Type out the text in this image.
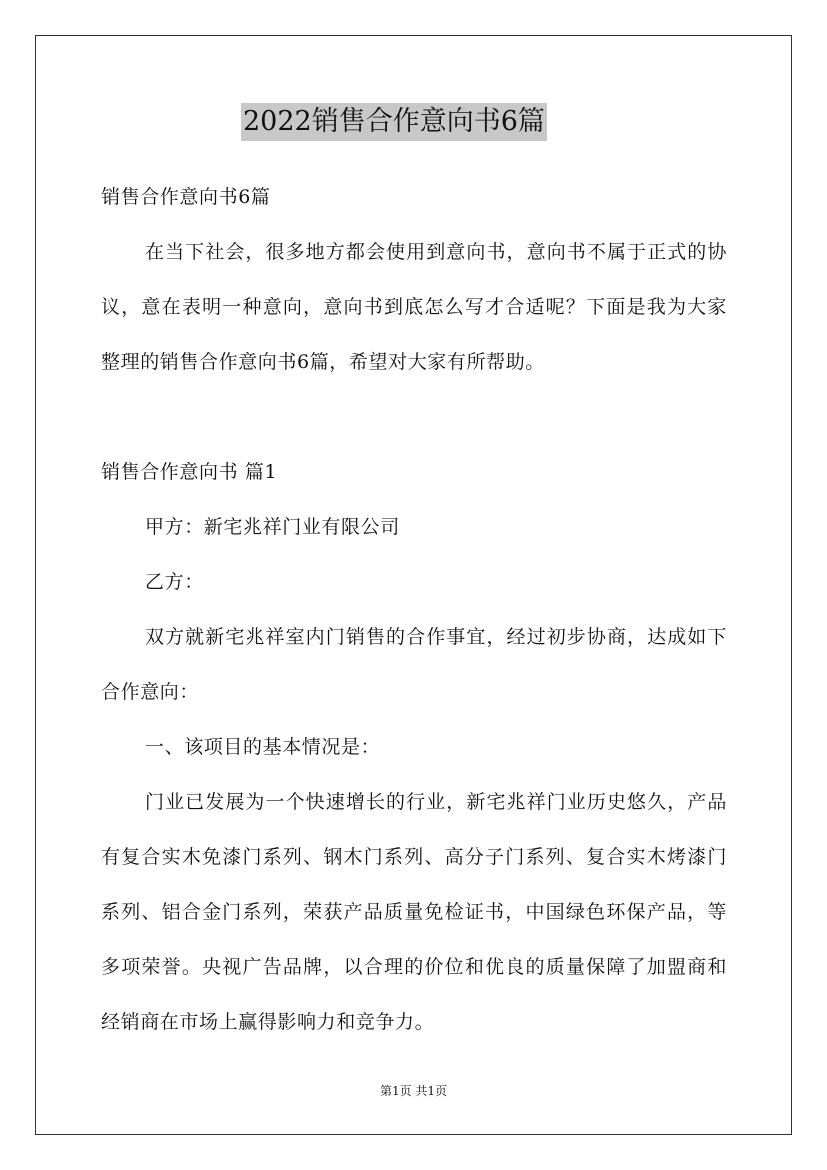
2022销售合作意向书6篇

销售合作意向书6篇

在当下社会，很多地方都会使用到意向书，意向书不属于正式的协议，意在表明一种意向，意向书到底怎么写才合适呢？下面是我为大家整理的销售合作意向书6篇，希望对大家有所帮助。

销售合作意向书 篇1

甲方：新宅兆祥门业有限公司

乙方：

双方就新宅兆祥室内门销售的合作事宜，经过初步协商，达成如下合作意向：

一、该项目的基本情况是：

门业已发展为一个快速增长的行业，新宅兆祥门业历史悠久，产品有复合实木免漆门系列、钢木门系列、高分子门系列、复合实木烤漆门系列、铝合金门系列，荣获产品质量免检证书，中国绿色环保产品，等多项荣誉。央视广告品牌，以合理的价位和优良的质量保障了加盟商和经销商在市场上赢得影响力和竞争力。

第1页 共1页
